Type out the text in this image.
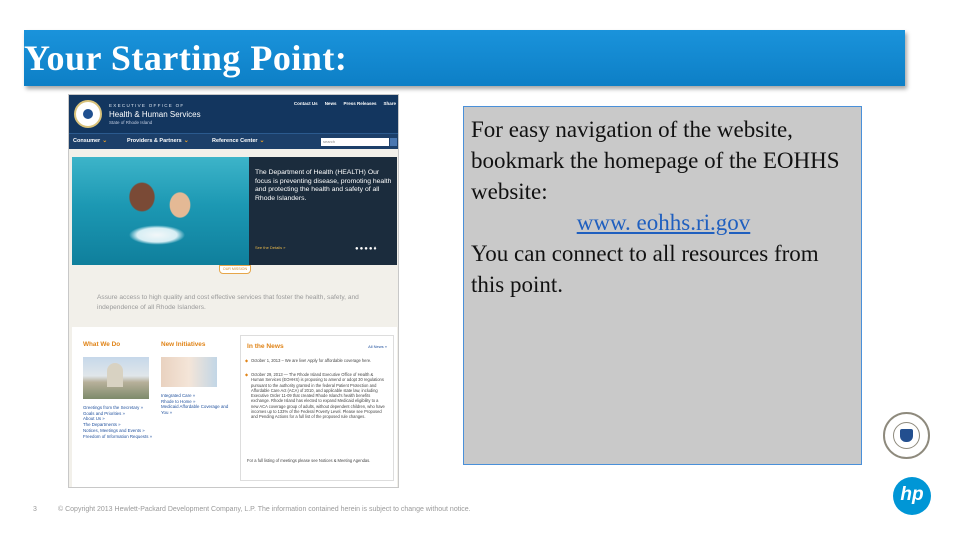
Your Starting Point:
EXECUTIVE OFFICE OF
Health & Human Services
State of Rhode Island
Contact Us News Press Releases Share
Consumer ⌄	Providers & Partners ⌄	Reference Center ⌄	search
The Department of Health (HEALTH) Our focus is preventing disease, promoting health and protecting the health and safety of all Rhode Islanders.
See the Details »	●●●●♦
OUR MISSION
Assure access to high quality and cost effective services that foster the health, safety, and independence of all Rhode Islanders.
What We Do
Greetings from the Secretary »
Goals and Priorities »
About Us »
The Departments »
Notices, Meetings and Events »
Freedom of Information Requests »
New Initiatives
Integrated Care »
Rhode to Home »
Medicaid Affordable Coverage and You »
In the News	All News »
◆ October 1, 2013 – We are live! Apply for affordable coverage here.
◆ October 29, 2013 — The Rhode Island Executive Office of Health & Human Services (EOHHS) is proposing to amend or adopt 30 regulations pursuant to the authority granted in the federal Patient Protection and Affordable Care Act (ACA) of 2010, and applicable state law, including Executive Order 11-09 that created Rhode Island's health benefits exchange. Rhode Island has elected to expand Medicaid eligibility to a new ACA coverage group of adults, without dependent children, who have incomes up to 133% of the Federal Poverty Level. Please see Proposed and Pending Actions for a full list of the proposed rule changes.
For a full listing of meetings please see Notices & Meeting Agendas.
For easy navigation of the website, bookmark the homepage of the EOHHS website:
www. eohhs.ri.gov
You can connect to all resources from this point.
hp
3	© Copyright 2013 Hewlett-Packard Development Company, L.P. The information contained herein is subject to change without notice.
